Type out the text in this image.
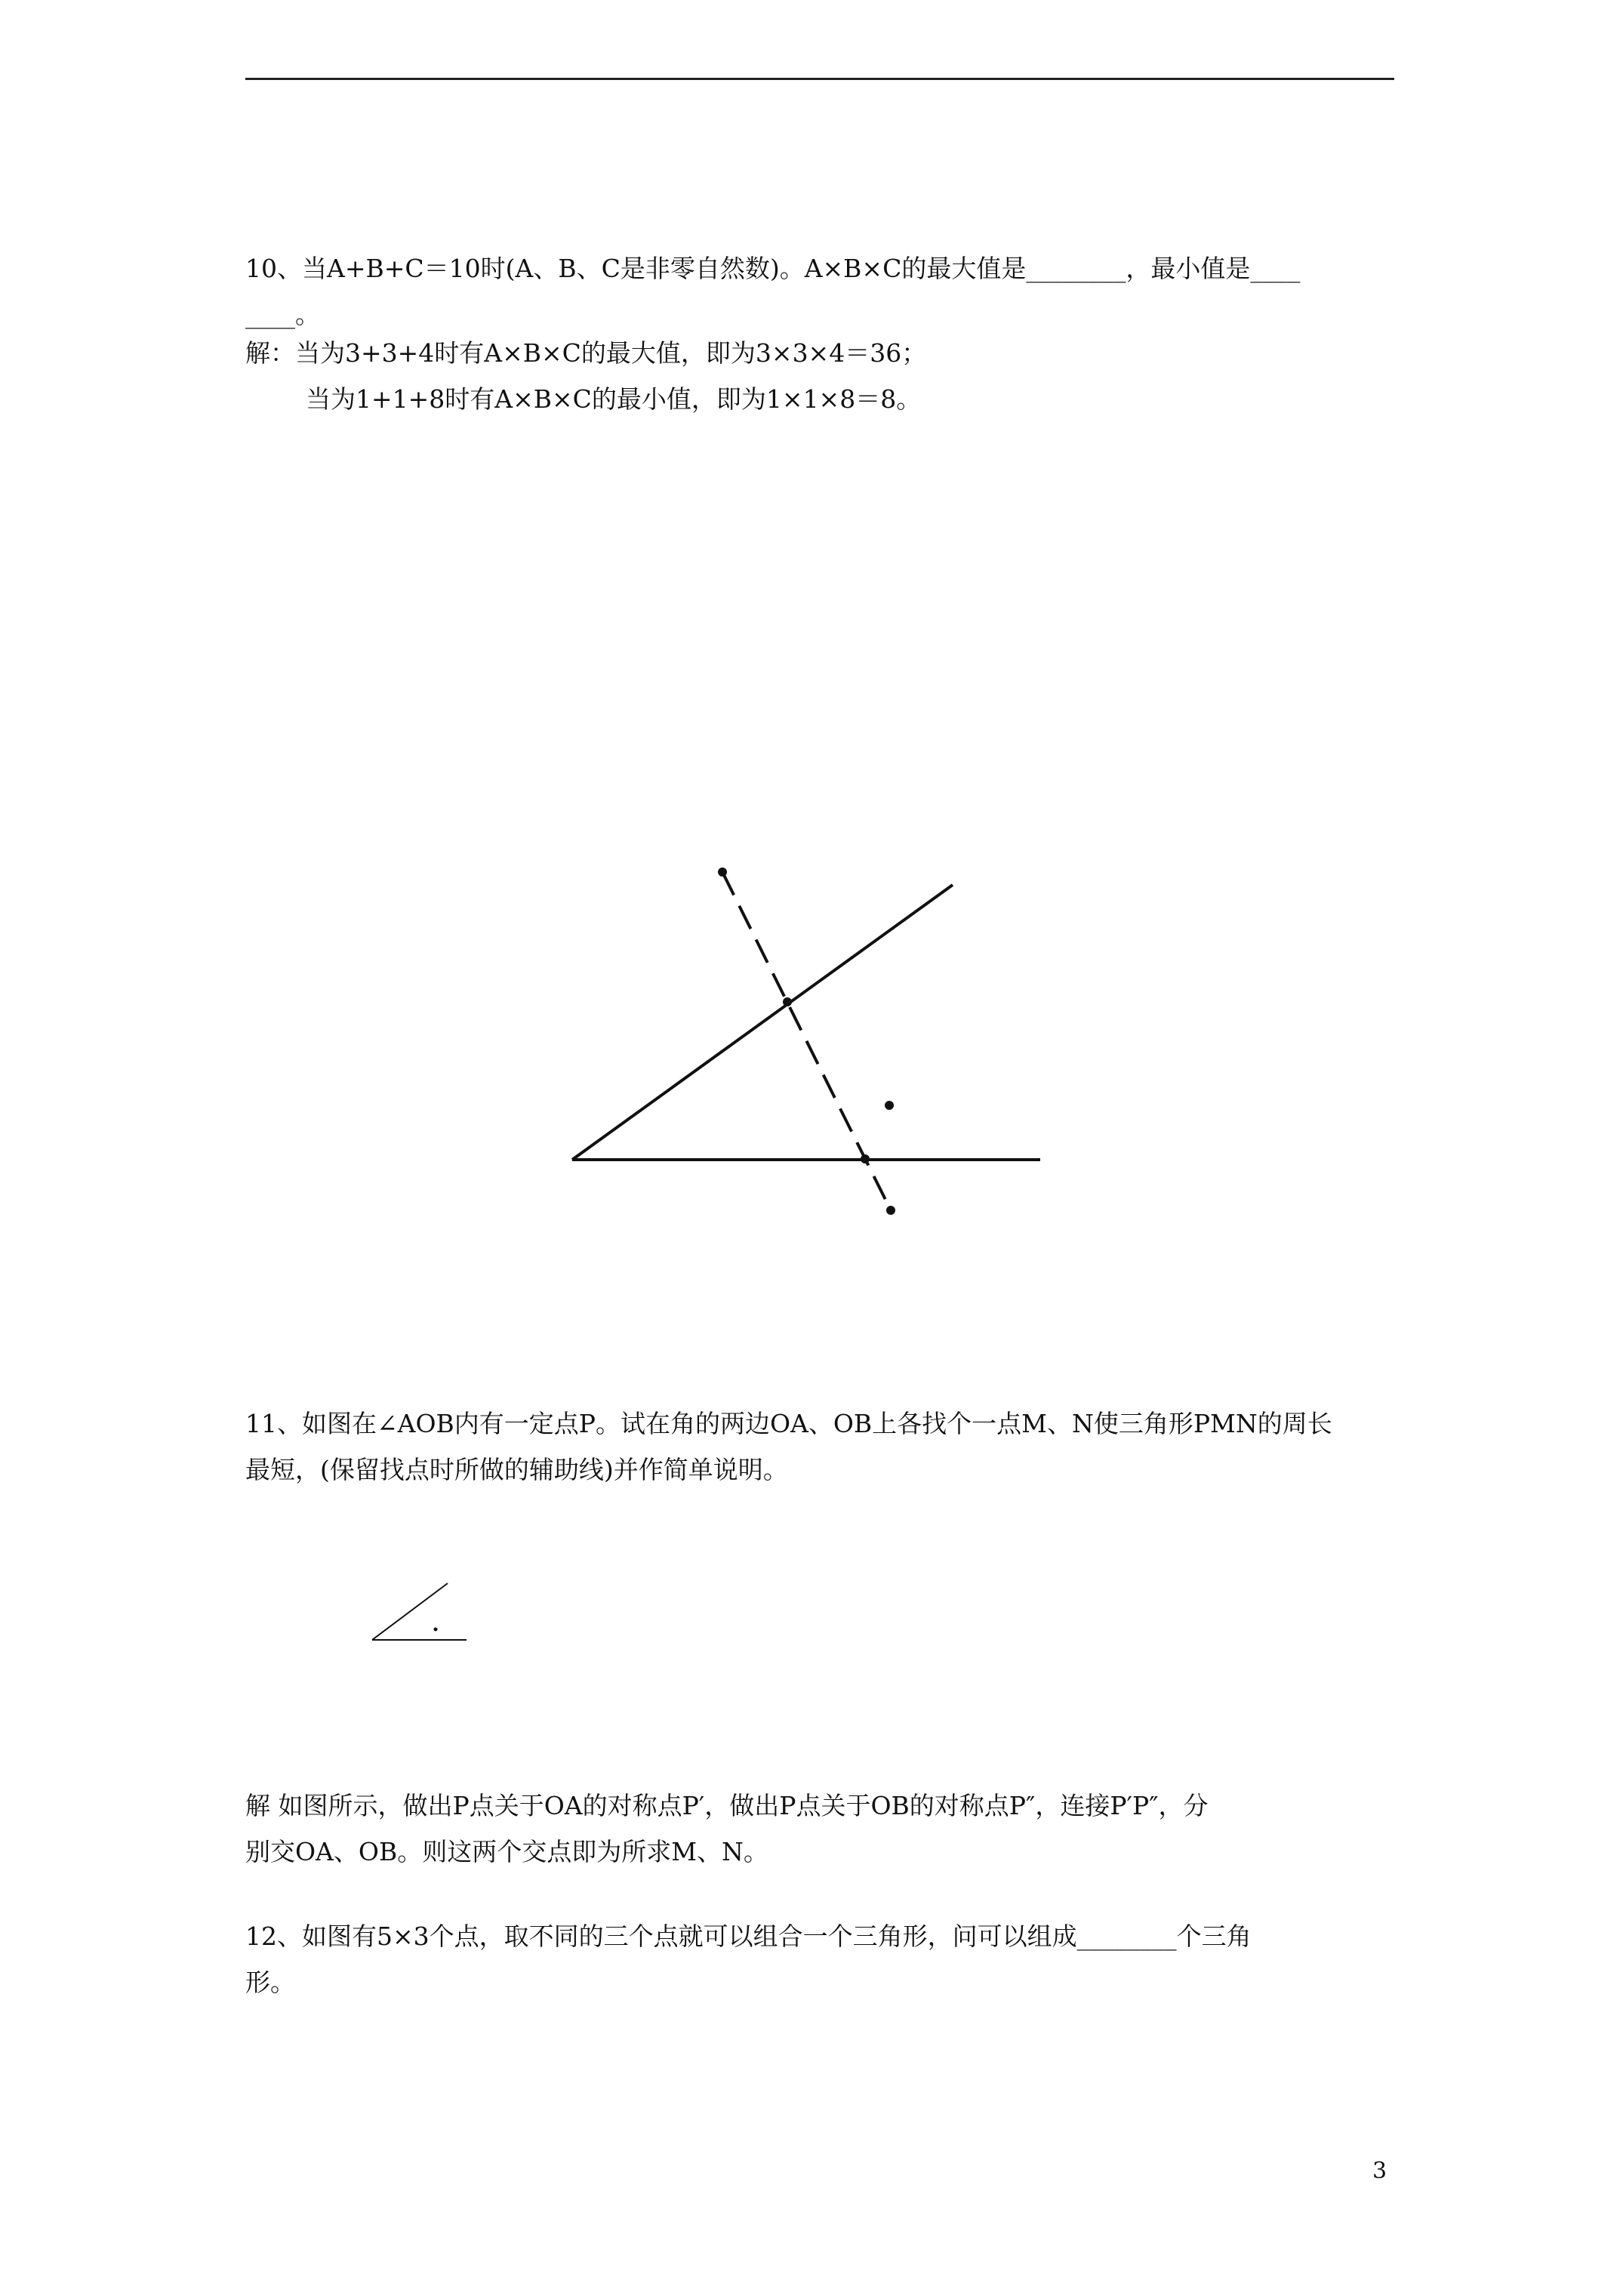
10、当A+B+C＝10时(A、B、C是非零自然数)。A×B×C的最大值是________，最小值是____
____。
解：当为3+3+4时有A×B×C的最大值，即为3×3×4＝36；
当为1+1+8时有A×B×C的最小值，即为1×1×8＝8。
11、如图在∠AOB内有一定点P。试在角的两边OA、OB上各找个一点M、N使三角形PMN的周长
最短，(保留找点时所做的辅助线)并作简单说明。
解 如图所示，做出P点关于OA的对称点P′，做出P点关于OB的对称点P″，连接P′P″，分
别交OA、OB。则这两个交点即为所求M、N。
12、如图有5×3个点，取不同的三个点就可以组合一个三角形，问可以组成________个三角
形。
3
